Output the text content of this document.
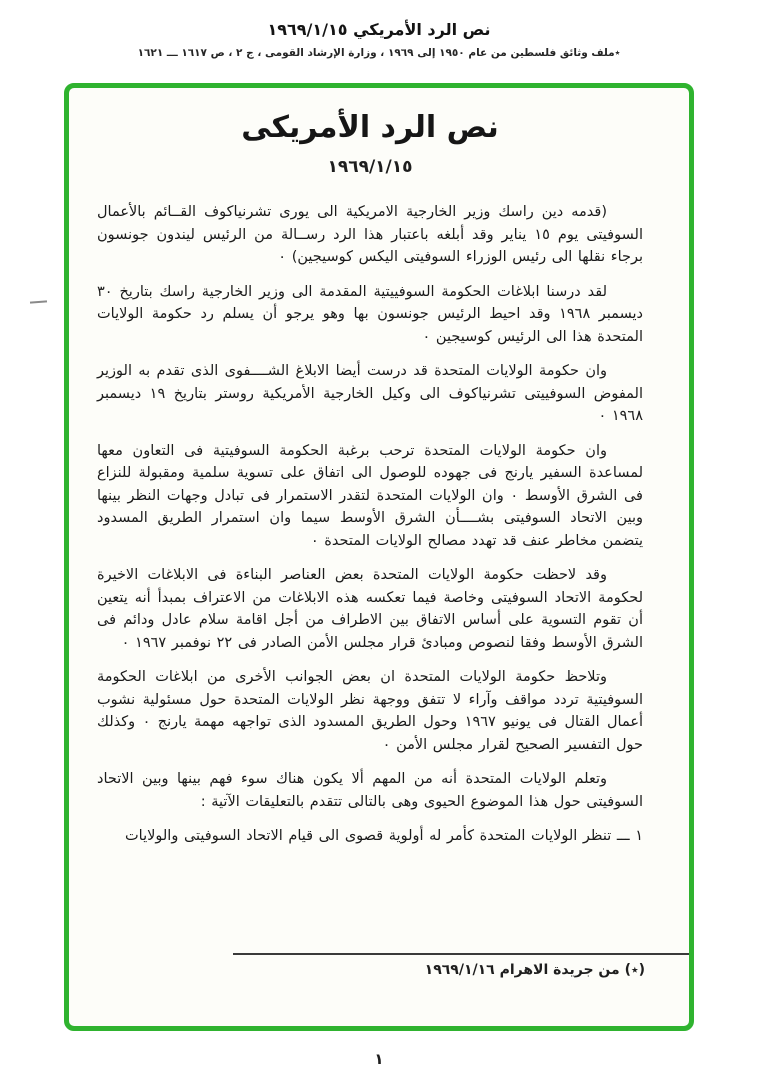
نص الرد الأمريكي ١٩٦٩/١/١٥
٭ملف وثائق فلسطين من عام ١٩٥٠ إلى ١٩٦٩ ، وزارة الإرشاد القومى ، ج ٢ ، ص ١٦١٧ ـــ ١٦٢١
نص الرد الأمريكى
١٩٦٩/١/١٥

(قدمه دين راسك وزير الخارجية الامريكية الى يورى تشرنياكوف القــائم بالأعمال السوفيتى يوم ١٥ يناير وقد أبلغه باعتبار هذا الرد رســالة من الرئيس ليندون جونسون برجاء نقلها الى رئيس الوزراء السوفيتى اليكس كوسيجين) ٠

لقد درسنا ابلاغات الحكومة السوفييتية المقدمة الى وزير الخارجية راسك بتاريخ ٣٠ ديسمبر ١٩٦٨ وقد احيط الرئيس جونسون بها وهو يرجو أن يسلم رد حكومة الولايات المتحدة هذا الى الرئيس كوسيجين ٠

وان حكومة الولايات المتحدة قد درست أيضا الابلاغ الشــــفوى الذى تقدم به الوزير المفوض السوفييتى تشرنياكوف الى وكيل الخارجية الأمريكية روستر بتاريخ ١٩ ديسمبر ١٩٦٨ ٠

وان حكومة الولايات المتحدة ترحب برغبة الحكومة السوفيتية فى التعاون معها لمساعدة السفير يارنج فى جهوده للوصول الى اتفاق على تسوية سلمية ومقبولة للنزاع فى الشرق الأوسط ٠ وان الولايات المتحدة لتقدر الاستمرار فى تبادل وجهات النظر بينها وبين الاتحاد السوفيتى بشــــأن الشرق الأوسط سيما وان استمرار الطريق المسدود يتضمن مخاطر عنف قد تهدد مصالح الولايات المتحدة ٠

وقد لاحظت حكومة الولايات المتحدة بعض العناصر البناءة فى الابلاغات الاخيرة لحكومة الاتحاد السوفيتى وخاصة فيما تعكسه هذه الابلاغات من الاعتراف بمبدأ أنه يتعين أن تقوم التسوية على أساس الاتفاق بين الاطراف من أجل اقامة سلام عادل ودائم فى الشرق الأوسط وفقا لنصوص ومبادئ قرار مجلس الأمن الصادر فى ٢٢ نوفمبر ١٩٦٧ ٠

وتلاحظ حكومة الولايات المتحدة ان بعض الجوانب الأخرى من ابلاغات الحكومة السوفيتية تردد مواقف وآراء لا تتفق ووجهة نظر الولايات المتحدة حول مسئولية نشوب أعمال القتال فى يونيو ١٩٦٧ وحول الطريق المسدود الذى تواجهه مهمة يارنج ٠ وكذلك حول التفسير الصحيح لقرار مجلس الأمن ٠

وتعلم الولايات المتحدة أنه من المهم ألا يكون هناك سوء فهم بينها وبين الاتحاد السوفيتى حول هذا الموضوع الحيوى وهى بالتالى تتقدم بالتعليقات الآتية :

١ ـــ تنظر الولايات المتحدة كأمر له أولوية قصوى الى قيام الاتحاد السوفيتى والولايات

(٭) من جريدة الاهرام ١٩٦٩/١/١٦
١
